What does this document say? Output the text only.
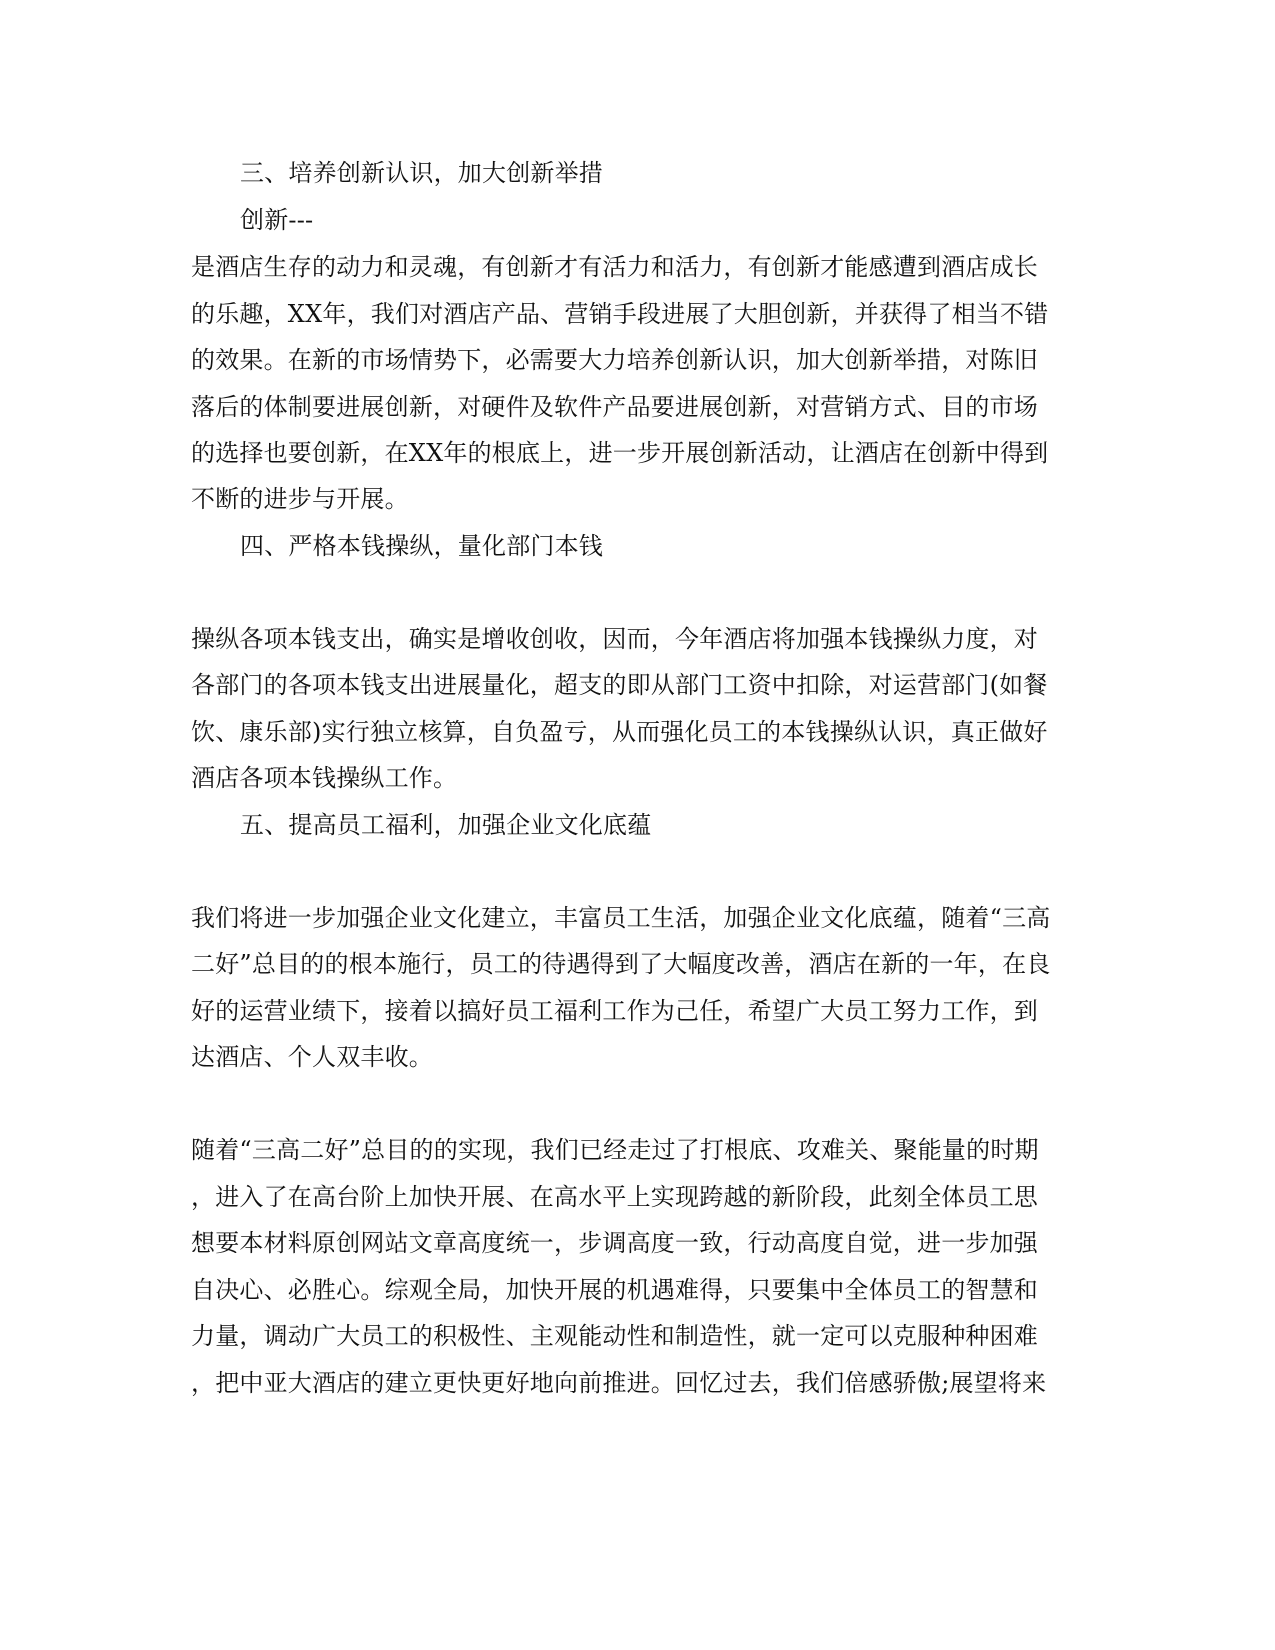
三、培养创新认识，加大创新举措
创新---
是酒店生存的动力和灵魂，有创新才有活力和活力，有创新才能感遭到酒店成长
的乐趣，XX年，我们对酒店产品、营销手段进展了大胆创新，并获得了相当不错
的效果。在新的市场情势下，必需要大力培养创新认识，加大创新举措，对陈旧
落后的体制要进展创新，对硬件及软件产品要进展创新，对营销方式、目的市场
的选择也要创新，在XX年的根底上，进一步开展创新活动，让酒店在创新中得到
不断的进步与开展。
四、严格本钱操纵，量化部门本钱
操纵各项本钱支出，确实是增收创收，因而，今年酒店将加强本钱操纵力度，对
各部门的各项本钱支出进展量化，超支的即从部门工资中扣除，对运营部门(如餐
饮、康乐部)实行独立核算，自负盈亏，从而强化员工的本钱操纵认识，真正做好
酒店各项本钱操纵工作。
五、提高员工福利，加强企业文化底蕴
我们将进一步加强企业文化建立，丰富员工生活，加强企业文化底蕴，随着“三高
二好”总目的的根本施行，员工的待遇得到了大幅度改善，酒店在新的一年，在良
好的运营业绩下，接着以搞好员工福利工作为己任，希望广大员工努力工作，到
达酒店、个人双丰收。
随着“三高二好”总目的的实现，我们已经走过了打根底、攻难关、聚能量的时期
，进入了在高台阶上加快开展、在高水平上实现跨越的新阶段，此刻全体员工思
想要本材料原创网站文章高度统一，步调高度一致，行动高度自觉，进一步加强
自决心、必胜心。综观全局，加快开展的机遇难得，只要集中全体员工的智慧和
力量，调动广大员工的积极性、主观能动性和制造性，就一定可以克服种种困难
，把中亚大酒店的建立更快更好地向前推进。回忆过去，我们倍感骄傲;展望将来
